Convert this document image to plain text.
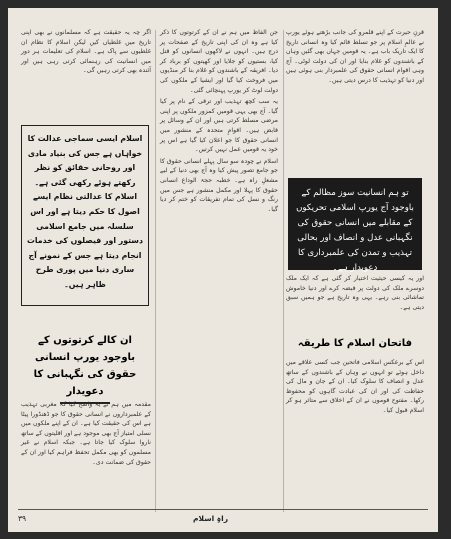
قرنِ حیرت کے اپنے قلمرو کی جانب بڑھتے ہوئے یورپ نے عالمِ اسلام پر جو تسلط قائم کیا وہ انسانی تاریخ کا ایک تاریک باب ہے۔ یہ قومیں جہاں بھی گئیں وہاں کے باشندوں کو غلام بنایا اور ان کی دولت لوٹی۔ آج وہی اقوام انسانی حقوق کی علمبردار بنی ہوئی ہیں اور دنیا کو تہذیب کا درس دیتی ہیں۔

تو ہم انسانیت سوز مظالم کے باوجود آج یورپ اسلامی تحریکوں کے مقابلے میں انسانی حقوق کی نگہبانی عدل و انصاف اور بحالی تہذیب و تمدن کی علمبرداری کا دعویدار ہے۔

اور یہ کیسی حیثیت اختیار کر گئی ہے کہ ایک ملک دوسرے ملک کی دولت پر قبضہ کرے اور دنیا خاموش تماشائی بنی رہے۔ یہی وہ تاریخ ہے جو ہمیں سبق دیتی ہے۔

فاتحان اسلام کا طریقہ

اس کے برعکس اسلامی فاتحین جب کسی علاقے میں داخل ہوئے تو انہوں نے وہاں کے باشندوں کے ساتھ عدل و انصاف کا سلوک کیا۔ ان کے جان و مال کی حفاظت کی اور ان کی عبادت گاہوں کو محفوظ رکھا۔ مفتوح قوموں نے ان کے اخلاق سے متاثر ہو کر اسلام قبول کیا۔

جن الفاظ میں ہم نے ان کے کرتوتوں کا ذکر کیا ہے وہ ان کی اپنی تاریخ کے صفحات پر درج ہیں۔ انہوں نے لاکھوں انسانوں کو قتل کیا، بستیوں کو جلایا اور کھیتوں کو برباد کر دیا۔ افریقہ کے باشندوں کو غلام بنا کر منڈیوں میں فروخت کیا گیا اور ایشیا کے ملکوں کی دولت لوٹ کر یورپ پہنچائی گئی۔

یہ سب کچھ تہذیب اور ترقی کے نام پر کیا گیا۔ آج بھی یہی قومیں کمزور ملکوں پر اپنی مرضی مسلط کرتی ہیں اور ان کے وسائل پر قابض ہیں۔ اقوامِ متحدہ کے منشور میں انسانی حقوق کا جو اعلان کیا گیا ہے اس پر خود یہ قومیں عمل نہیں کرتیں۔

اسلام نے چودہ سو سال پہلے انسانی حقوق کا جو جامع تصور پیش کیا وہ آج بھی دنیا کے لیے مشعلِ راہ ہے۔ خطبہ حجۃ الوداع انسانی حقوق کا پہلا اور مکمل منشور ہے جس میں رنگ و نسل کی تمام تفریقات کو ختم کر دیا گیا۔

اگر چہ یہ حقیقت ہے کہ مسلمانوں نے بھی اپنی تاریخ میں غلطیاں کیں لیکن اسلام کا نظام ان غلطیوں سے پاک ہے۔ اسلام کی تعلیمات ہر دور میں انسانیت کی رہنمائی کرتی رہی ہیں اور آئندہ بھی کرتی رہیں گی۔

اسلام ایسی سماجی عدالت کا خواہاں ہے جس کی بنیاد مادی اور روحانی حقائق کو نظر رکھتے ہوئے رکھی گئی ہے۔ اسلام کا عدالتی نظام ایسے اصول کا حکم دیتا ہے اور اس سلسلہ میں جامع اسلامی دستور اور فیصلوں کی خدمات انجام دیتا ہے جس کے نمونے آج ساری دنیا میں پوری طرح ظاہر ہیں۔
ان کالے کرتوتوں کے باوجود یورپ انسانی حقوق کی نگہبانی کا دعویدار

مقدمہ میں ہم نے یہ واضح کیا کہ مغربی تہذیب کے علمبرداروں نے انسانی حقوق کا جو ڈھنڈورا پیٹا ہے اس کی حقیقت کیا ہے۔ ان کے اپنے ملکوں میں نسلی امتیاز آج بھی موجود ہے اور اقلیتوں کے ساتھ ناروا سلوک کیا جاتا ہے۔ جبکہ اسلام نے غیر مسلموں کو بھی مکمل تحفظ فراہم کیا اور ان کے حقوق کی ضمانت دی۔

۳۹	راہِ اسلام
